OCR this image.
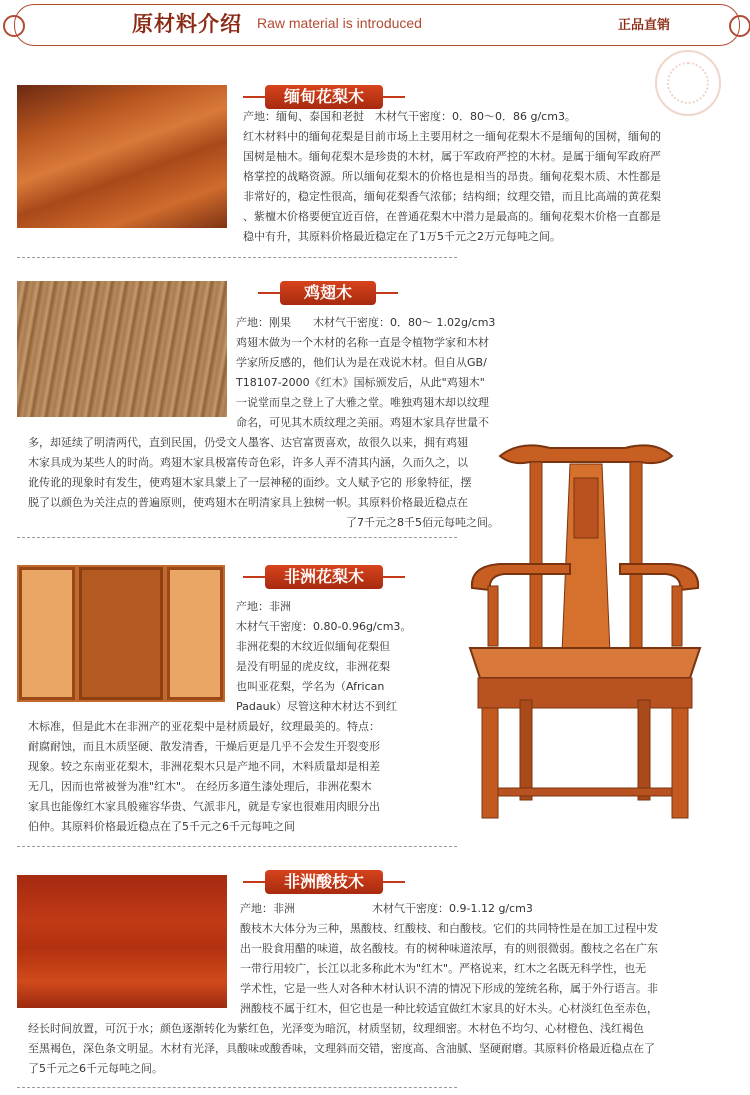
原材料介绍 Raw material is introduced	正品直销
缅甸花梨木
产地：缅甸、泰国和老挝　木材气干密度：0．80～0．86 g/cm3。
红木材料中的缅甸花梨是目前市场上主要用材之一缅甸花梨木不是缅甸的国树，缅甸的
国树是柚木。缅甸花梨木是珍贵的木材，属于军政府严控的木材。是属于缅甸军政府严
格掌控的战略资源。所以缅甸花梨木的价格也是相当的昂贵。缅甸花梨木质、木性都是
非常好的，稳定性很高，缅甸花梨香气浓郁；结构细；纹理交错，而且比高端的黄花梨
、紫檀木价格要便宜近百倍，在普通花梨木中潜力是最高的。缅甸花梨木价格一直都是
稳中有升，其原料价格最近稳定在了1万5千元之2万元每吨之间。
鸡翅木
产地：刚果　　木材气干密度：0．80～ 1.02g/cm3
鸡翅木做为一个木材的名称一直是令植物学家和木材
学家所反感的，他们认为是在戏说木材。但自从GB/
T18107-2000《红木》国标颁发后，从此"鸡翅木"
一说堂而皇之登上了大雅之堂。唯独鸡翅木却以纹理
命名，可见其木质纹理之美丽。鸡翅木家具存世量不
多，却延续了明清两代，直到民国，仍受文人墨客、达官富贾喜欢，故很久以来，拥有鸡翅
木家具成为某些人的时尚。鸡翅木家具极富传奇色彩，许多人弄不清其内涵，久而久之，以
讹传讹的现象时有发生，使鸡翅木家具蒙上了一层神秘的面纱。文人赋予它的 形象特征，摆
脱了以颜色为关注点的普遍原则，使鸡翅木在明清家具上独树一帜。其原料价格最近稳点在
了7千元之8千5佰元每吨之间。
非洲花梨木
产地：非洲
木材气干密度：0.80-0.96g/cm3。
非洲花梨的木纹近似缅甸花梨但
是没有明显的虎皮纹，非洲花梨
也叫亚花梨，学名为（African
Padauk）尽管这种木材达不到红
木标准，但是此木在非洲产的亚花梨中是材质最好，纹理最美的。特点：
耐腐耐蚀，而且木质坚硬、散发清香，干燥后更是几乎不会发生开裂变形
现象。较之东南亚花梨木，非洲花梨木只是产地不同，木料质量却是相差
无几，因而也常被誉为准"红木"。 在经历多道生漆处理后，非洲花梨木
家具也能像红木家具般雍容华贵、气派非凡，就是专家也很难用肉眼分出
伯仲。其原料价格最近稳点在了5千元之6千元每吨之间
非洲酸枝木
产地：非洲　　　　　　　木材气干密度：0.9-1.12 g/cm3
酸枝木大体分为三种，黑酸枝、红酸枝、和白酸枝。它们的共同特性是在加工过程中发
出一股食用醋的味道，故名酸枝。有的树种味道浓厚，有的则很微弱。酸枝之名在广东
一带行用较广，长江以北多称此木为"红木"。严格说来，红木之名既无科学性，也无
学术性，它是一些人对各种木材认识不清的情况下形成的笼统名称，属于外行语言。非
洲酸枝不属于红木，但它也是一种比较适宜做红木家具的好木头。心材淡红色至赤色，
经长时间放置，可沉于水；颜色逐渐转化为紫红色，光泽变为暗沉，材质坚韧，纹理细密。木材色不均匀、心材橙色、浅红褐色
至黑褐色，深色条文明显。木材有光泽，具酸味或酸香味，文理斜而交错，密度高、含油腻、坚硬耐磨。其原料价格最近稳点在了
了5千元之6千元每吨之间。
